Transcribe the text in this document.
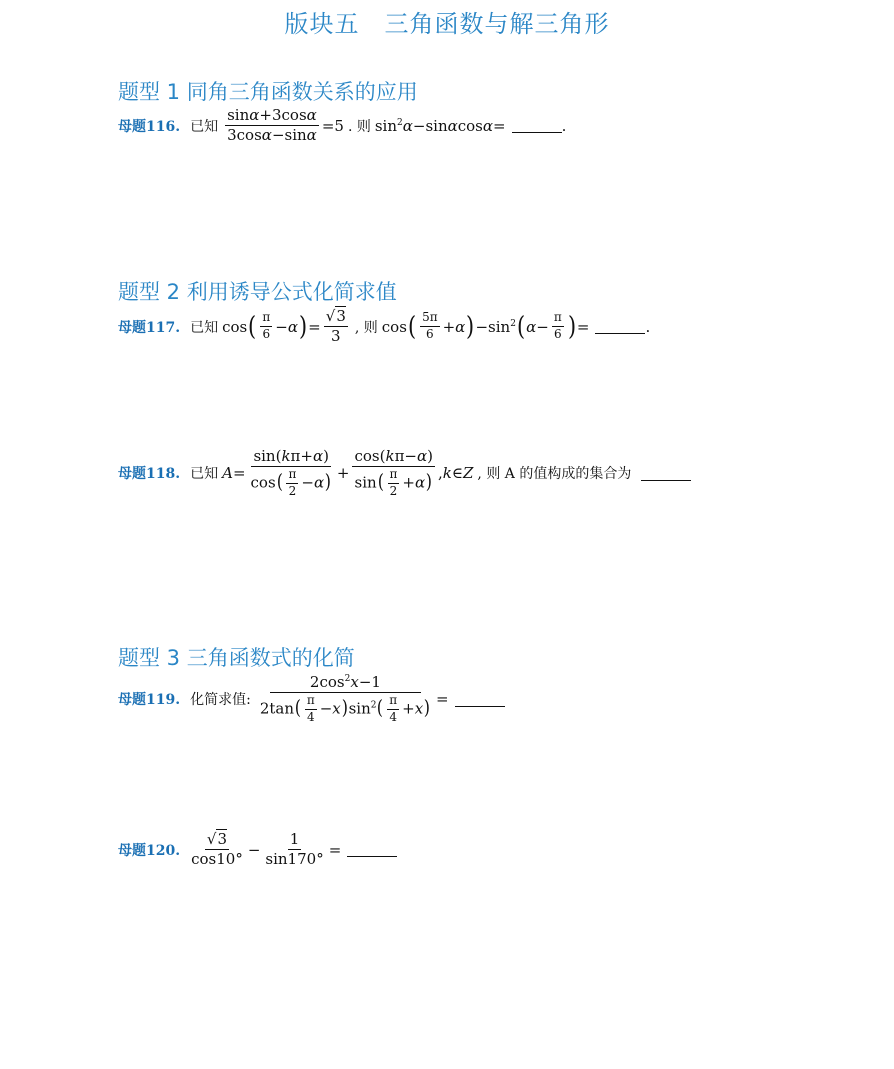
版块五　三角函数与解三角形
题型 1 同角三角函数关系的应用
母题116. 已知 $\frac{\sin\alpha+3\cos\alpha}{3\cos\alpha-\sin\alpha} =5$ . 则 $\sin^2\alpha-\sin\alpha\cos\alpha=$	.
题型 2 利用诱导公式化简求值
母题117. 已知 cos ( $\frac{\pi}{6} -\alpha$ ) = $\frac{√3}{3}$ , 则 cos ( $\frac{5\pi}{6} +\alpha$ ) $-\sin^2$ ( $\alpha- \frac{\pi}{6}$ ) =	.
母题118. 已知 $A = \frac{\sin(k\pi+\alpha)}{\cos( \frac{\pi}{2} -\alpha)} + \frac{\cos(k\pi-\alpha)}{\sin( \frac{\pi}{2} +\alpha)}$ ,k∈Z , 则 A 的值构成的集合为
题型 3 三角函数式的化简
母题119. 化简求值: $\frac{2\cos^2x-1}{2\tan( \frac{\pi}{4} -x)\sin^2( \frac{\pi}{4} +x)}$ =
母题120. $\frac{√3}{\cos 10^\circ} - \frac{1}{\sin 170^\circ}$ =
